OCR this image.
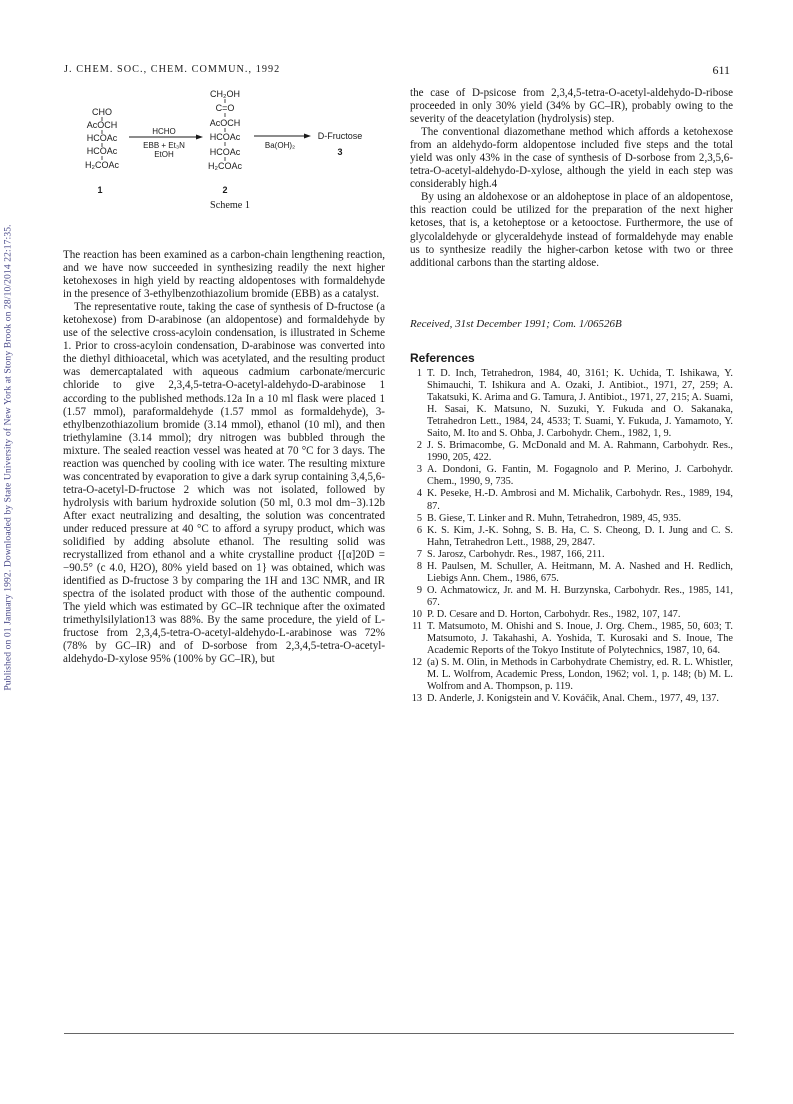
Published on 01 January 1992. Downloaded by State University of New York at Stony Brook on 28/10/2014 22:17:35.
J. CHEM. SOC., CHEM. COMMUN., 1992	611
CHO
AcOCH
HCOAc
HCOAc
H₂COAc
1
HCHO
EBB + Et₃N
EtOH
CH₂OH
C=O
AcOCH
HCOAc
HCOAc
H₂COAc
2
Ba(OH)₂
D-Fructose
3
Scheme 1

The reaction has been examined as a carbon-chain lengthening reaction, and we have now succeeded in synthesizing readily the next higher ketohexoses in high yield by reacting aldopentoses with formaldehyde in the presence of 3-ethylbenzothiazolium bromide (EBB) as a catalyst.

The representative route, taking the case of synthesis of D-fructose (a ketohexose) from D-arabinose (an aldopentose) and formaldehyde by use of the selective cross-acyloin condensation, is illustrated in Scheme 1. Prior to cross-acyloin condensation, D-arabinose was converted into the diethyl dithioacetal, which was acetylated, and the resulting product was demercaptalated with aqueous cadmium carbonate/mercuric chloride to give 2,3,4,5-tetra-O-acetyl-aldehydo-D-arabinose 1 according to the published methods.12a In a 10 ml flask were placed 1 (1.57 mmol), paraformaldehyde (1.57 mmol as formaldehyde), 3-ethylbenzothiazolium bromide (3.14 mmol), ethanol (10 ml), and then triethylamine (3.14 mmol); dry nitrogen was bubbled through the mixture. The sealed reaction vessel was heated at 70 °C for 3 days. The reaction was quenched by cooling with ice water. The resulting mixture was concentrated by evaporation to give a dark syrup containing 3,4,5,6-tetra-O-acetyl-D-fructose 2 which was not isolated, followed by hydrolysis with barium hydroxide solution (50 ml, 0.3 mol dm−3).12b After exact neutralizing and desalting, the solution was concentrated under reduced pressure at 40 °C to afford a syrupy product, which was solidified by adding absolute ethanol. The resulting solid was recrystallized from ethanol and a white crystalline product {[α]20D = −90.5° (c 4.0, H2O), 80% yield based on 1} was obtained, which was identified as D-fructose 3 by comparing the 1H and 13C NMR, and IR spectra of the isolated product with those of the authentic compound. The yield which was estimated by GC–IR technique after the oximated trimethylsilylation13 was 88%. By the same procedure, the yield of L-fructose from 2,3,4,5-tetra-O-acetyl-aldehydo-L-arabinose was 72% (78% by GC–IR) and of D-sorbose from 2,3,4,5-tetra-O-acetyl-aldehydo-D-xylose 95% (100% by GC–IR), but

the case of D-psicose from 2,3,4,5-tetra-O-acetyl-aldehydo-D-ribose proceeded in only 30% yield (34% by GC–IR), probably owing to the severity of the deacetylation (hydrolysis) step.

The conventional diazomethane method which affords a ketohexose from an aldehydo-form aldopentose included five steps and the total yield was only 43% in the case of synthesis of D-sorbose from 2,3,5,6-tetra-O-acetyl-aldehydo-D-xylose, although the yield in each step was considerably high.4

By using an aldohexose or an aldoheptose in place of an aldopentose, this reaction could be utilized for the preparation of the next higher ketoses, that is, a ketoheptose or a ketooctose. Furthermore, the use of glycolaldehyde or glyceraldehyde instead of formaldehyde may enable us to synthesize readily the higher-carbon ketose with two or three additional carbons than the starting aldose.

Received, 31st December 1991; Com. 1/06526B
References
1 T. D. Inch, Tetrahedron, 1984, 40, 3161; K. Uchida, T. Ishikawa, Y. Shimauchi, T. Ishikura and A. Ozaki, J. Antibiot., 1971, 27, 259; A. Takatsuki, K. Arima and G. Tamura, J. Antibiot., 1971, 27, 215; A. Suami, H. Sasai, K. Matsuno, N. Suzuki, Y. Fukuda and O. Sakanaka, Tetrahedron Lett., 1984, 24, 4533; T. Suami, Y. Fukuda, J. Yamamoto, Y. Saito, M. Ito and S. Ohba, J. Carbohydr. Chem., 1982, 1, 9.
2 J. S. Brimacombe, G. McDonald and M. A. Rahmann, Carbohydr. Res., 1990, 205, 422.
3 A. Dondoni, G. Fantin, M. Fogagnolo and P. Merino, J. Carbohydr. Chem., 1990, 9, 735.
4 K. Peseke, H.-D. Ambrosi and M. Michalik, Carbohydr. Res., 1989, 194, 87.
5 B. Giese, T. Linker and R. Muhn, Tetrahedron, 1989, 45, 935.
6 K. S. Kim, J.-K. Sohng, S. B. Ha, C. S. Cheong, D. I. Jung and C. S. Hahn, Tetrahedron Lett., 1988, 29, 2847.
7 S. Jarosz, Carbohydr. Res., 1987, 166, 211.
8 H. Paulsen, M. Schuller, A. Heitmann, M. A. Nashed and H. Redlich, Liebigs Ann. Chem., 1986, 675.
9 O. Achmatowicz, Jr. and M. H. Burzynska, Carbohydr. Res., 1985, 141, 67.
10 P. D. Cesare and D. Horton, Carbohydr. Res., 1982, 107, 147.
11 T. Matsumoto, M. Ohishi and S. Inoue, J. Org. Chem., 1985, 50, 603; T. Matsumoto, J. Takahashi, A. Yoshida, T. Kurosaki and S. Inoue, The Academic Reports of the Tokyo Institute of Polytechnics, 1987, 10, 64.
12 (a) S. M. Olin, in Methods in Carbohydrate Chemistry, ed. R. L. Whistler, M. L. Wolfrom, Academic Press, London, 1962; vol. 1, p. 148; (b) M. L. Wolfrom and A. Thompson, p. 119.
13 D. Anderle, J. Konigstein and V. Kováčik, Anal. Chem., 1977, 49, 137.
